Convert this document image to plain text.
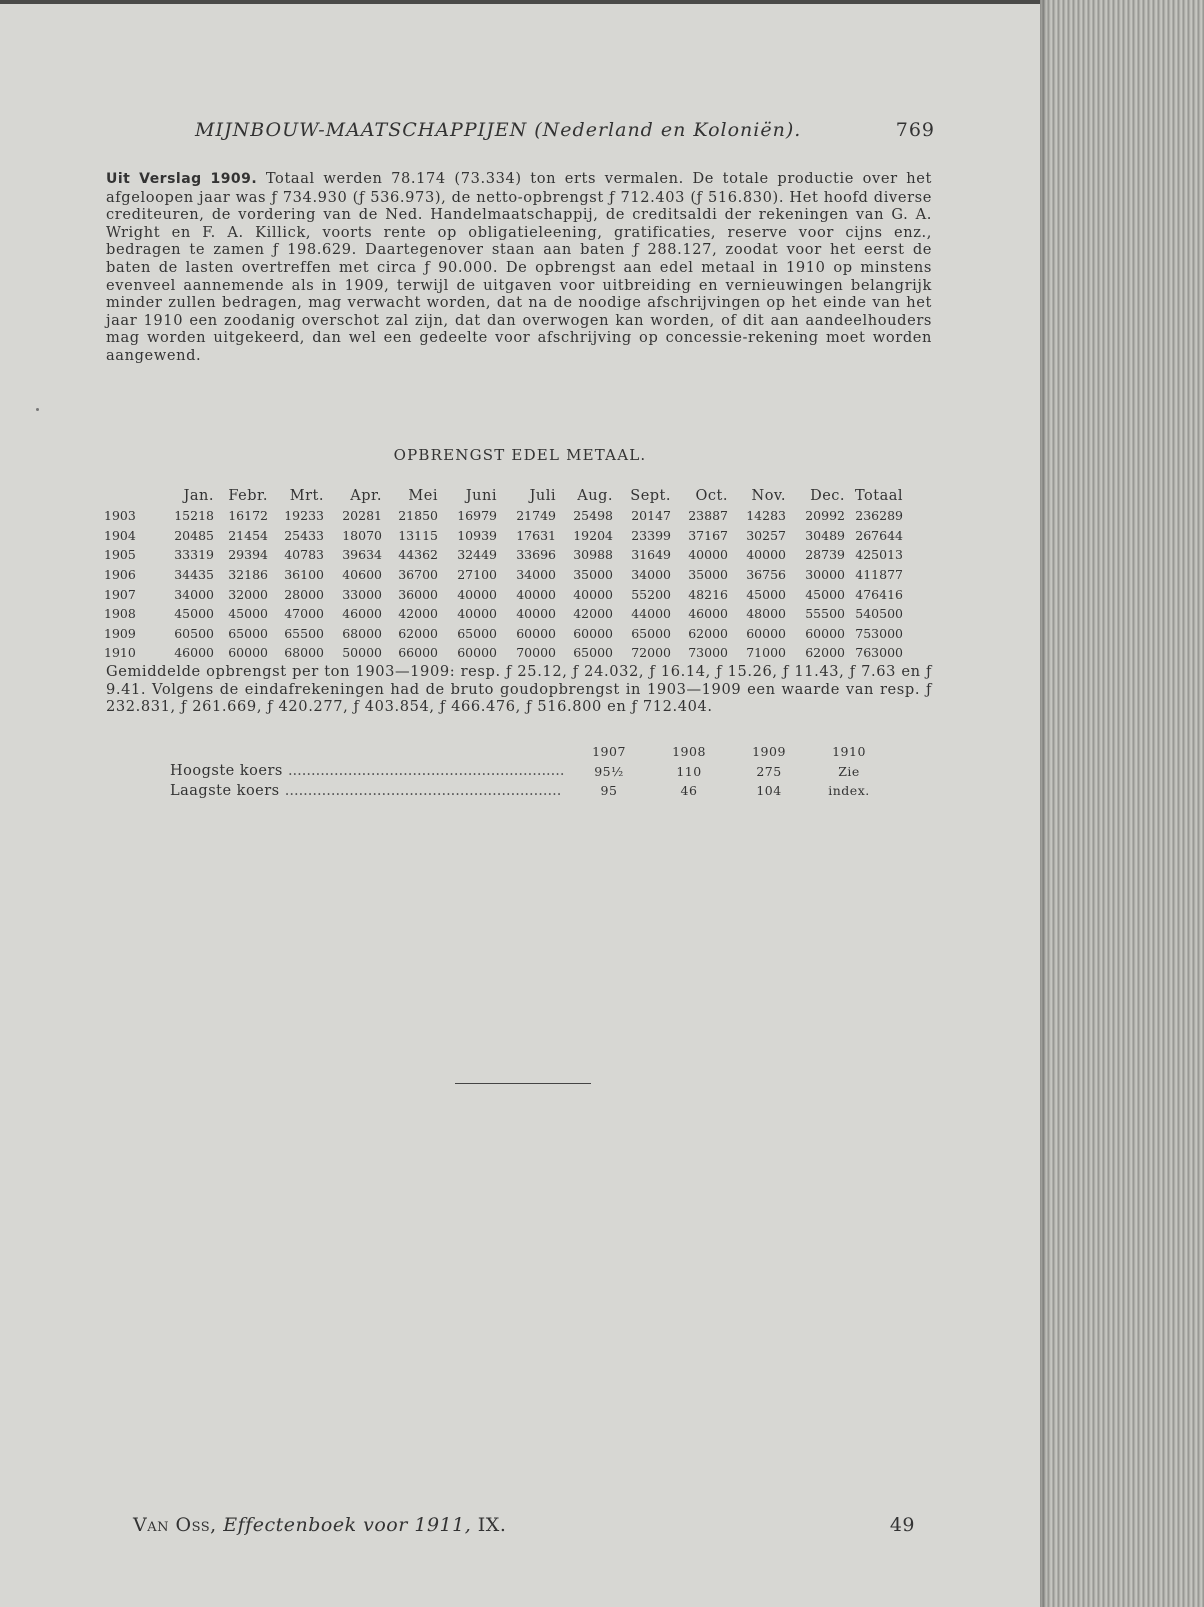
MIJNBOUW-MAATSCHAPPIJEN (Nederland en Koloniën).	769
Uit Verslag 1909. Totaal werden 78.174 (73.334) ton erts vermalen. De totale productie over het afgeloopen jaar was ƒ 734.930 (ƒ 536.973), de netto-opbrengst ƒ 712.403 (ƒ 516.830). Het hoofd diverse crediteuren, de vordering van de Ned. Handelmaatschappij, de creditsaldi der rekeningen van G. A. Wright en F. A. Killick, voorts rente op obligatieleening, gratificaties, reserve voor cijns enz., bedragen te zamen ƒ 198.629. Daartegenover staan aan baten ƒ 288.127, zoodat voor het eerst de baten de lasten overtreffen met circa ƒ 90.000. De opbrengst aan edel metaal in 1910 op minstens evenveel aannemende als in 1909, terwijl de uitgaven voor uitbreiding en vernieuwingen belangrijk minder zullen bedragen, mag verwacht worden, dat na de noodige afschrijvingen op het einde van het jaar 1910 een zoodanig overschot zal zijn, dat dan overwogen kan worden, of dit aan aandeelhouders mag worden uitgekeerd, dan wel een gedeelte voor afschrijving op concessie-rekening moet worden aangewend.
OPBRENGST EDEL METAAL.
	Jan.	Febr.	Mrt.	Apr.	Mei	Juni	Juli	Aug.	Sept.	Oct.	Nov.	Dec.	Totaal
1903	15218	16172	19233	20281	21850	16979	21749	25498	20147	23887	14283	20992	236289
1904	20485	21454	25433	18070	13115	10939	17631	19204	23399	37167	30257	30489	267644
1905	33319	29394	40783	39634	44362	32449	33696	30988	31649	40000	40000	28739	425013
1906	34435	32186	36100	40600	36700	27100	34000	35000	34000	35000	36756	30000	411877
1907	34000	32000	28000	33000	36000	40000	40000	40000	55200	48216	45000	45000	476416
1908	45000	45000	47000	46000	42000	40000	40000	42000	44000	46000	48000	55500	540500
1909	60500	65000	65500	68000	62000	65000	60000	60000	65000	62000	60000	60000	753000
1910	46000	60000	68000	50000	66000	60000	70000	65000	72000	73000	71000	62000	763000
Gemiddelde opbrengst per ton 1903—1909: resp. ƒ 25.12, ƒ 24.032, ƒ 16.14, ƒ 15.26, ƒ 11.43, ƒ 7.63 en ƒ 9.41. Volgens de eindafrekeningen had de bruto goudopbrengst in 1903—1909 een waarde van resp. ƒ 232.831, ƒ 261.669, ƒ 420.277, ƒ 403.854, ƒ 466.476, ƒ 516.800 en ƒ 712.404.
	1907	1908	1909	1910
Hoogste koers ............................................................	95½	110	275	Zie
Laagste koers ............................................................	95	46	104	index.
Van Oss, Effectenboek voor 1911, IX.	49
